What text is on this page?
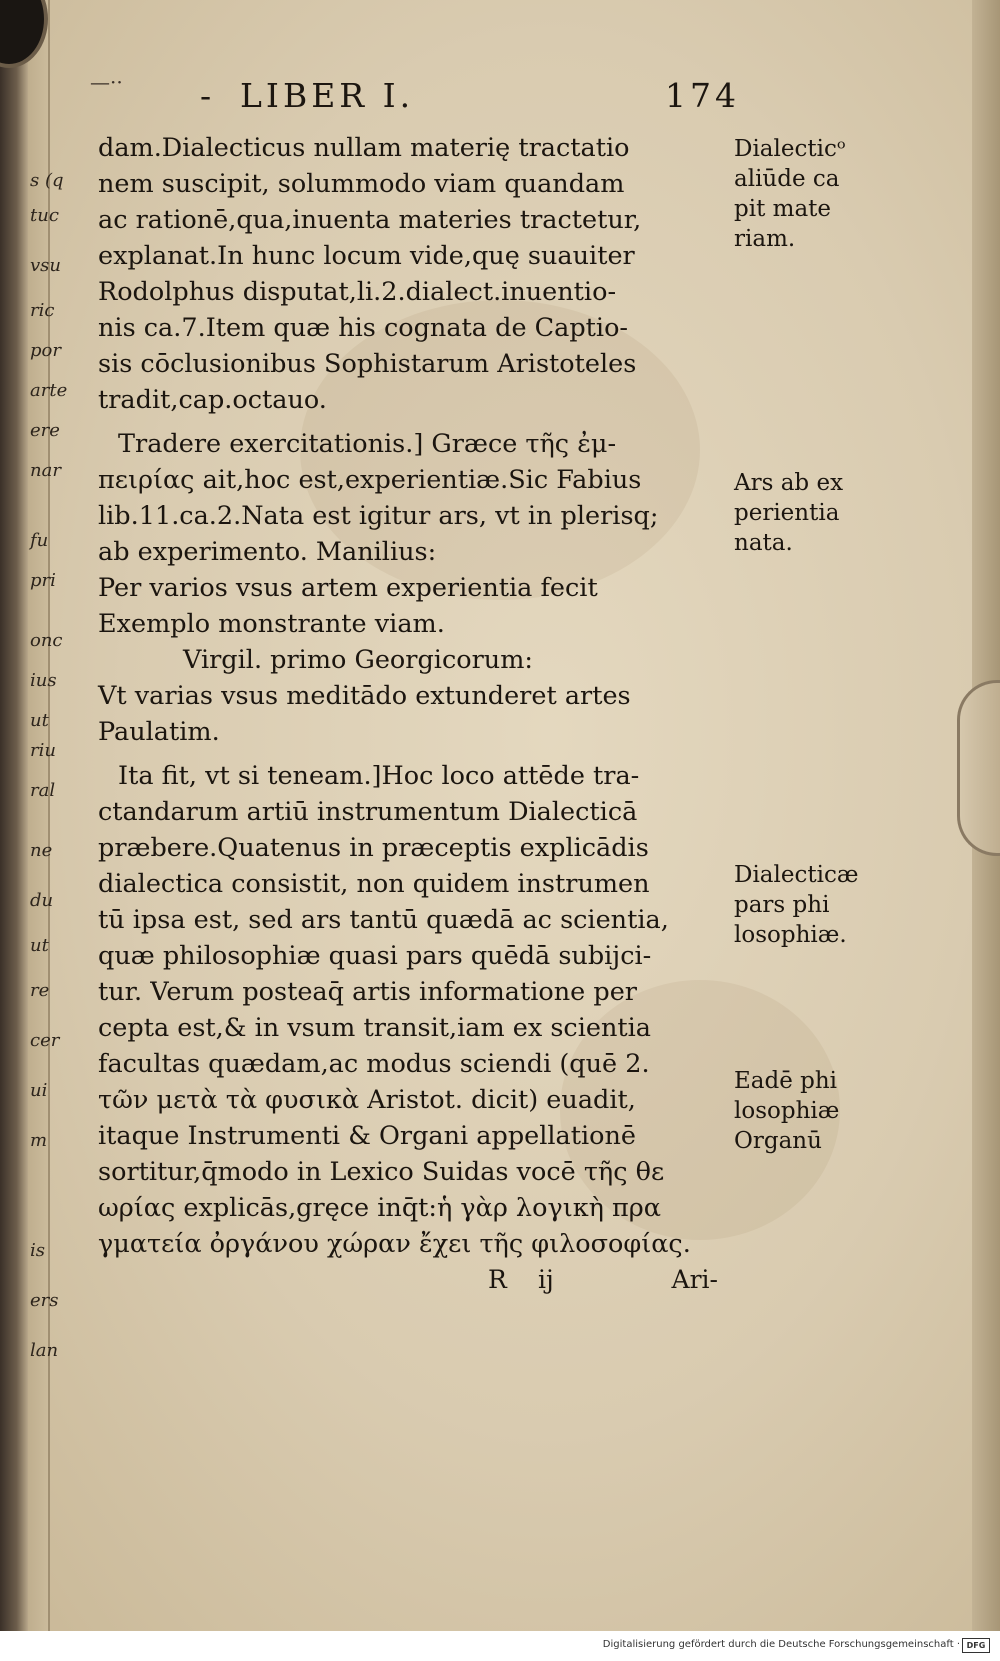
s (q
tuc
vsu
ric
por
arte
ere
nar
fu
pri
onc
ius
ut
riu
ral
ne
du
ut
re
cer
ui
m
is
ers
lan
—·· - LIBER I.	174
dam.Dialecticus nullam materię tractatio
nem suscipit, solummodo viam quandam
ac rationē,qua,inuenta materies tractetur,
explanat.In hunc locum vide,quę suauiter
Rodolphus disputat,li.2.dialect.inuentio-
nis ca.7.Item quæ his cognata de Captio-
sis cōclusionibus Sophistarum Aristoteles
tradit,cap.octauo.
Tradere exercitationis.] Græce τῆς ἐμ-
πειρίας ait,hoc est,experientiæ.Sic Fabius
lib.11.ca.2.Nata est igitur ars, vt in plerisq;
ab experimento. Manilius:
Per varios vsus artem experientia fecit
Exemplo monstrante viam.
Virgil. primo Georgicorum:
Vt varias vsus meditādo extunderet artes
Paulatim.
Ita fit, vt si teneam.]Hoc loco attēde tra-
ctandarum artiū instrumentum Dialecticā
præbere.Quatenus in præceptis explicādis
dialectica consistit, non quidem instrumen
tū ipsa est, sed ars tantū quædā ac scientia,
quæ philosophiæ quasi pars quēdā subijci-
tur. Verum posteaq̄ artis informatione per
cepta est,& in vsum transit,iam ex scientia
facultas quædam,ac modus sciendi (quē 2.
τῶν μετὰ τὰ φυσικὰ Aristot. dicit) euadit,
itaque Instrumenti & Organi appellationē
sortitur,q̄modo in Lexico Suidas vocē τῆς θε
ωρίας explicās,gręce inq̄t:ἡ γὰρ λογικὴ πρα
γματεία ὀργάνου χώραν ἔχει τῆς φιλοσοφίας.
R ij	Ari-
Dialecticᵒ
aliūde ca
pit mate
riam.
Ars ab ex
perientia
nata.
Dialecticæ
pars phi
losophiæ.
Eadē phi
losophiæ
Organū
Digitalisierung gefördert durch die Deutsche Forschungsgemeinschaft · DFG
